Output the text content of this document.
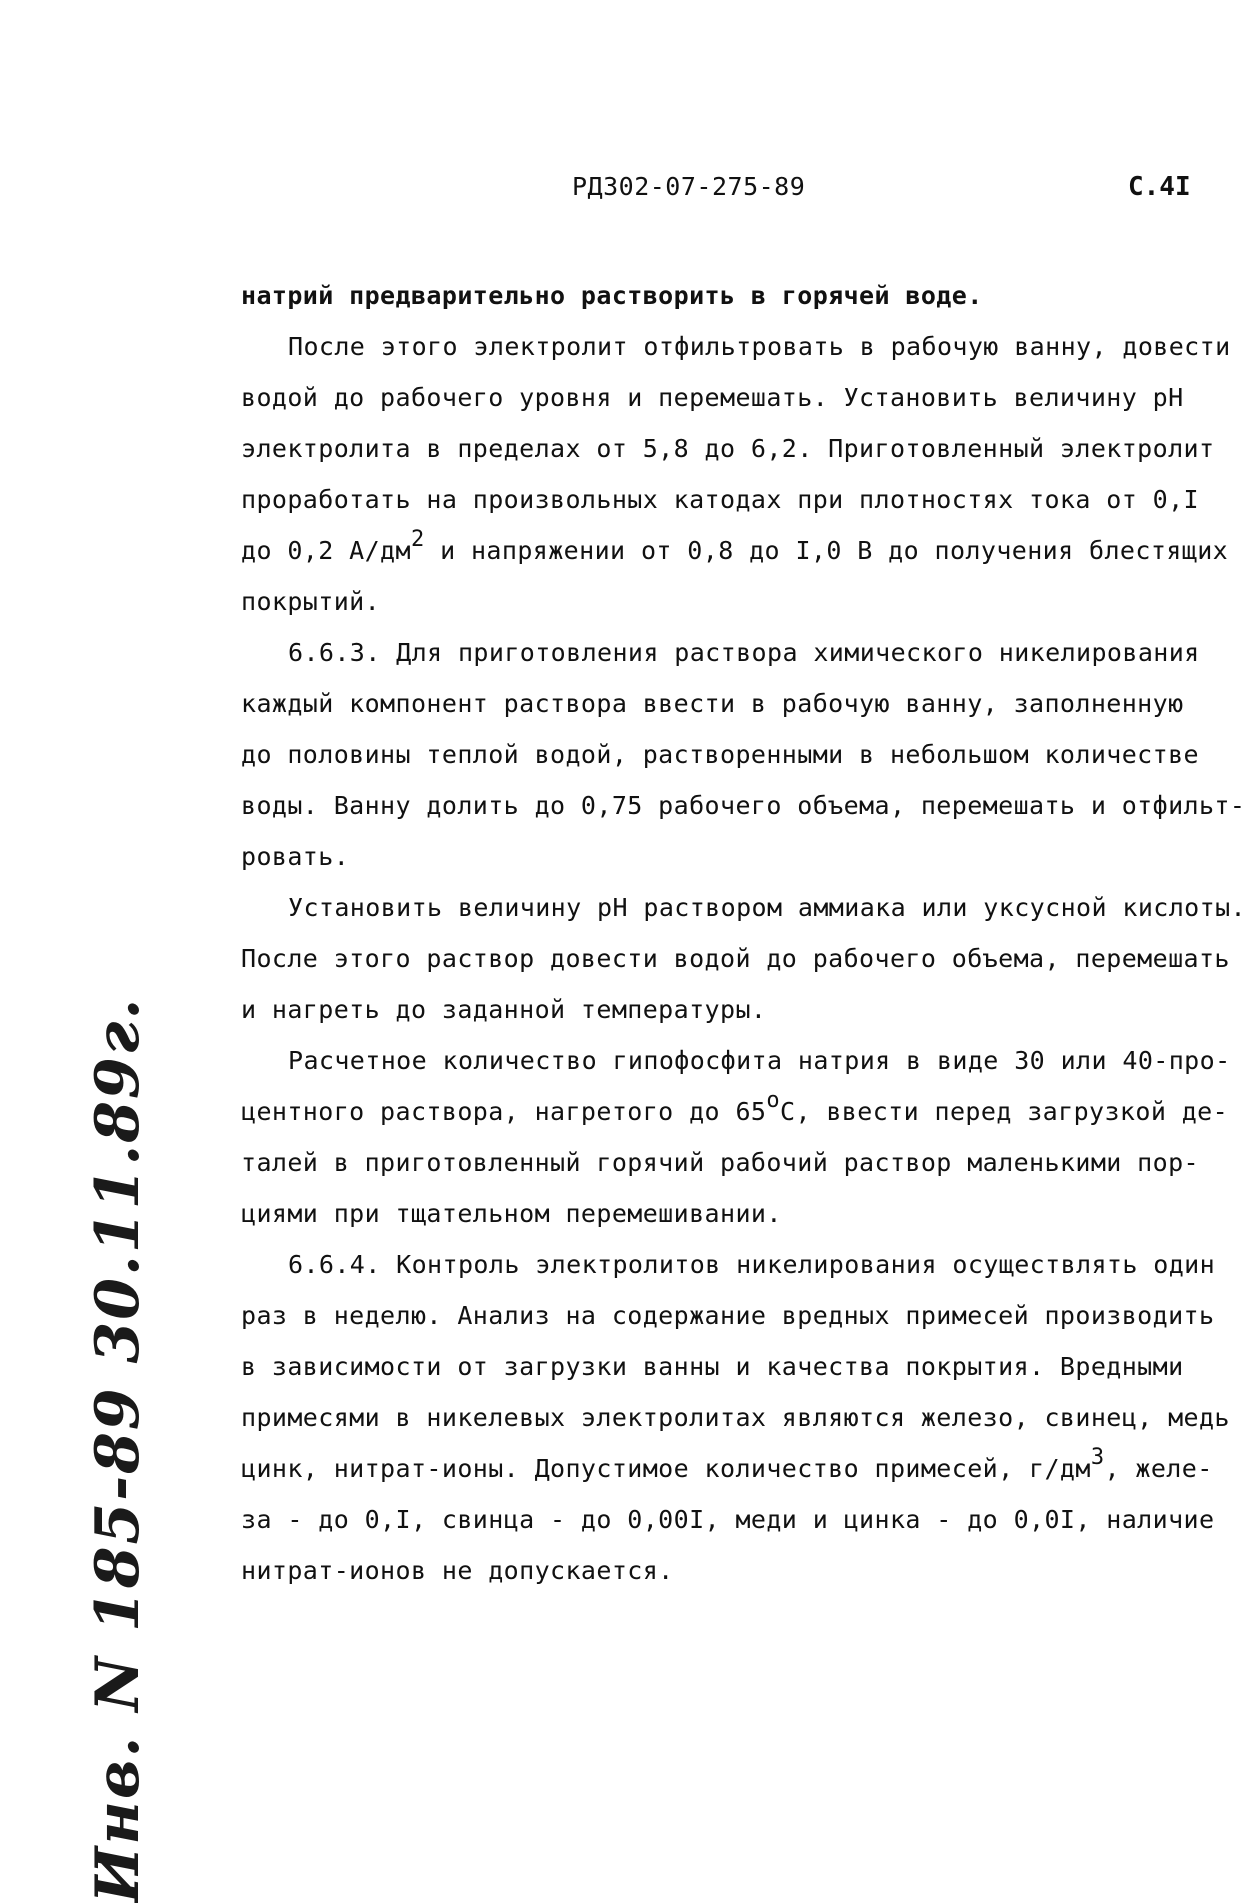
РД302-07-275-89	С.4I
натрий предварительно растворить в горячей воде.
После этого электролит отфильтровать в рабочую ванну, довести
водой до рабочего уровня и перемешать. Установить величину рН
электролита в пределах от 5,8 до 6,2. Приготовленный электролит
проработать на произвольных катодах при плотностях тока от 0,I
до 0,2 $А/дм^2$ и напряжении от 0,8 до I,0 В до получения блестящих
покрытий.
6.6.3. Для приготовления раствора химического никелирования
каждый компонент раствора ввести в рабочую ванну, заполненную
до половины теплой водой, растворенными в небольшом количестве
воды. Ванну долить до 0,75 рабочего объема, перемешать и отфильт-
ровать.
Установить величину рН раствором аммиака или уксусной кислоты.
После этого раствор довести водой до рабочего объема, перемешать
и нагреть до заданной температуры.
Расчетное количество гипофосфита натрия в виде 30 или 40-про-
центного раствора, нагретого до $65^оС$, ввести перед загрузкой де-
талей в приготовленный горячий рабочий раствор маленькими пор-
циями при тщательном перемешивании.
6.6.4. Контроль электролитов никелирования осуществлять один
раз в неделю. Анализ на содержание вредных примесей производить
в зависимости от загрузки ванны и качества покрытия. Вредными
примесями в никелевых электролитах являются железо, свинец, медь
цинк, нитрат-ионы. Допустимое количество примесей, $г/дм^3$, желе-
за - до 0,I, свинца - до 0,00I, меди и цинка - до 0,0I, наличие
нитрат-ионов не допускается.
Инв. N 185-89 30.11.89г.
